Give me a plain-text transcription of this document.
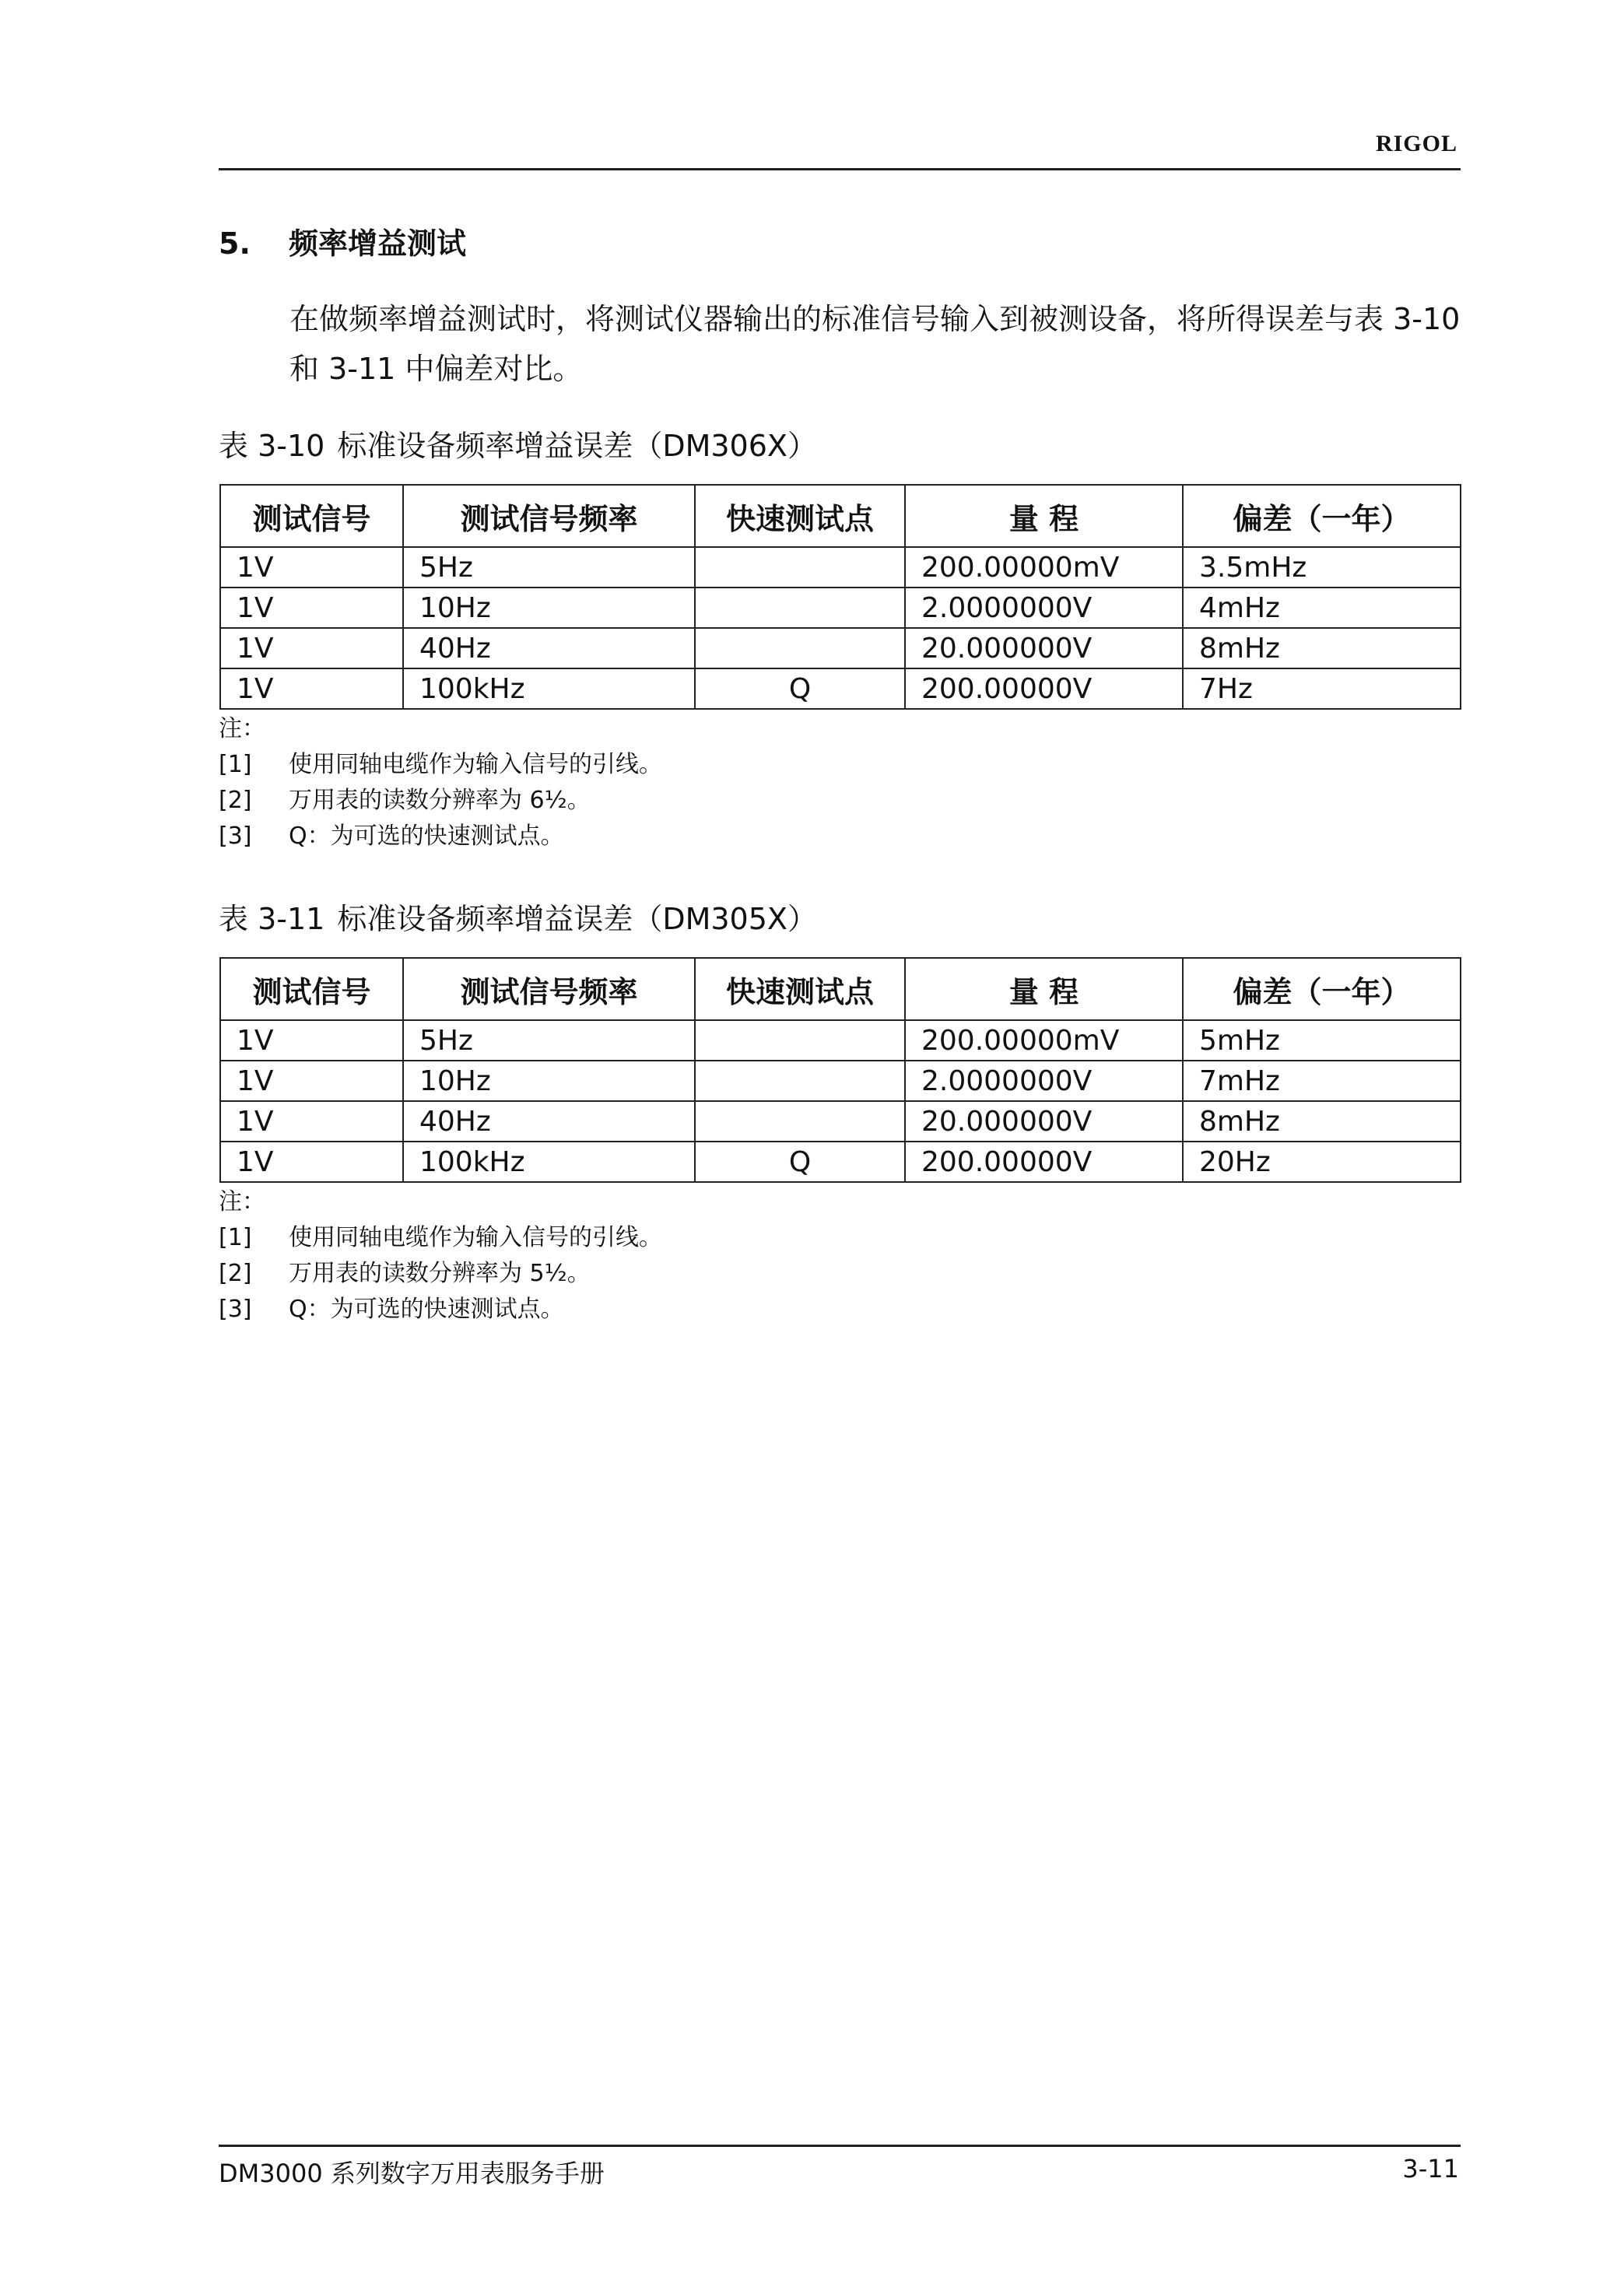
RIGOL
5. 频率增益测试
在做频率增益测试时，将测试仪器输出的标准信号输入到被测设备，将所得误差与表 3-10 和 3-11 中偏差对比。
表 3-10 标准设备频率增益误差（DM306X）
测试信号	测试信号频率	快速测试点	量 程	偏差（一年）
1V	5Hz		200.00000mV	3.5mHz
1V	10Hz		2.0000000V	4mHz
1V	40Hz		20.000000V	8mHz
1V	100kHz	Q	200.00000V	7Hz
注：
[1] 使用同轴电缆作为输入信号的引线。
[2] 万用表的读数分辨率为 6½。
[3] Q：为可选的快速测试点。
表 3-11 标准设备频率增益误差（DM305X）
测试信号	测试信号频率	快速测试点	量 程	偏差（一年）
1V	5Hz		200.00000mV	5mHz
1V	10Hz		2.0000000V	7mHz
1V	40Hz		20.000000V	8mHz
1V	100kHz	Q	200.00000V	20Hz
注：
[1] 使用同轴电缆作为输入信号的引线。
[2] 万用表的读数分辨率为 5½。
[3] Q：为可选的快速测试点。
DM3000 系列数字万用表服务手册	3-11
